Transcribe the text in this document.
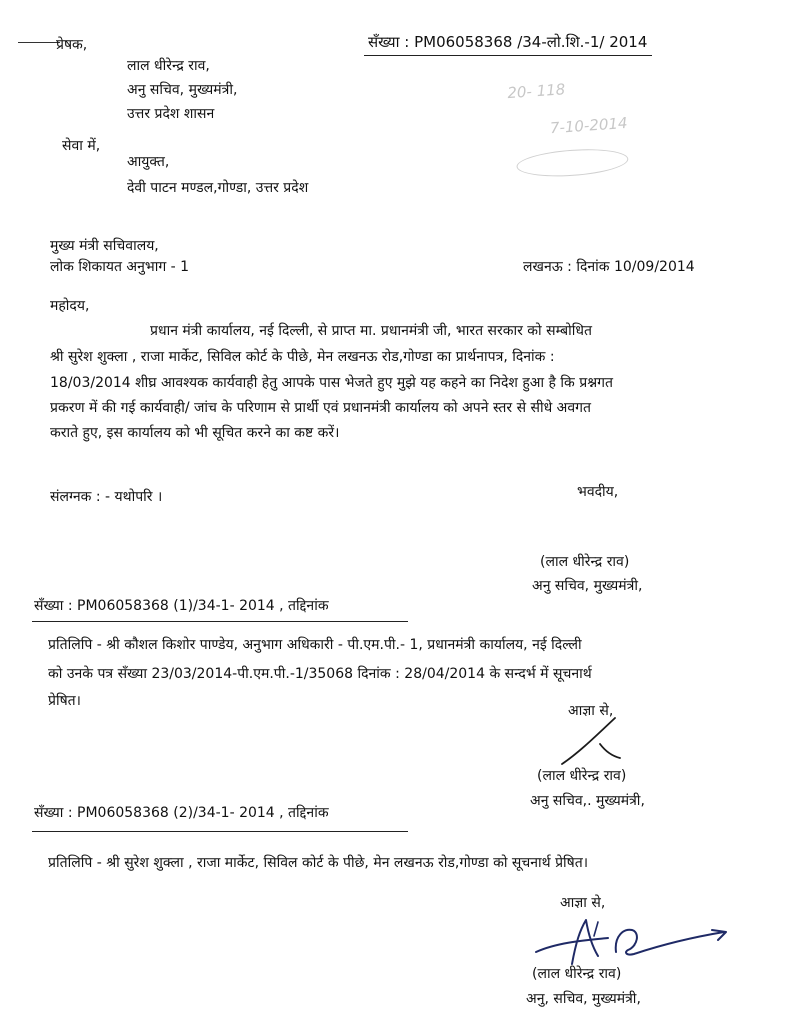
प्रेषक,	सँख्या : PM06058368 /34-लो.शि.-1/ 2014
लाल धीरेन्द्र राव,
अनु सचिव, मुख्यमंत्री,
उत्तर प्रदेश शासन
20- 118
7-10-2014
सेवा में,
आयुक्त,
देवी पाटन मण्डल,गोण्डा, उत्तर प्रदेश
मुख्य मंत्री सचिवालय,
लोक शिकायत अनुभाग - 1	लखनऊ : दिनांक 10/09/2014
महोदय,
प्रधान मंत्री कार्यालय, नई दिल्ली, से प्राप्त मा. प्रधानमंत्री जी, भारत सरकार को सम्बोधित
श्री सुरेश शुक्ला , राजा मार्केट, सिविल कोर्ट के पीछे, मेन लखनऊ रोड,गोण्डा का प्रार्थनापत्र, दिनांक :
18/03/2014 शीघ्र आवश्यक कार्यवाही हेतु आपके पास भेजते हुए मुझे यह कहने का निदेश हुआ है कि प्रश्नगत
प्रकरण में की गई कार्यवाही/ जांच के परिणाम से प्रार्थी एवं प्रधानमंत्री कार्यालय को अपने स्तर से सीधे अवगत
कराते हुए, इस कार्यालय को भी सूचित करने का कष्ट करें।
संलग्नक : - यथोपरि ।	भवदीय,
(लाल धीरेन्द्र राव)
अनु सचिव, मुख्यमंत्री,
सँख्या : PM06058368 (1)/34-1- 2014 , तद्दिनांक
प्रतिलिपि - श्री कौशल किशोर पाण्डेय, अनुभाग अधिकारी - पी.एम.पी.- 1, प्रधानमंत्री कार्यालय, नई दिल्ली
को उनके पत्र सँख्या 23/03/2014-पी.एम.पी.-1/35068 दिनांक : 28/04/2014 के सन्दर्भ में सूचनार्थ
प्रेषित।
आज्ञा से,
(लाल धीरेन्द्र राव)
अनु सचिव,. मुख्यमंत्री,
सँख्या : PM06058368 (2)/34-1- 2014 , तद्दिनांक
प्रतिलिपि - श्री सुरेश शुक्ला , राजा मार्केट, सिविल कोर्ट के पीछे, मेन लखनऊ रोड,गोण्डा को सूचनार्थ प्रेषित।
आज्ञा से,
(लाल धीरेन्द्र राव)
अनु, सचिव, मुख्यमंत्री,
